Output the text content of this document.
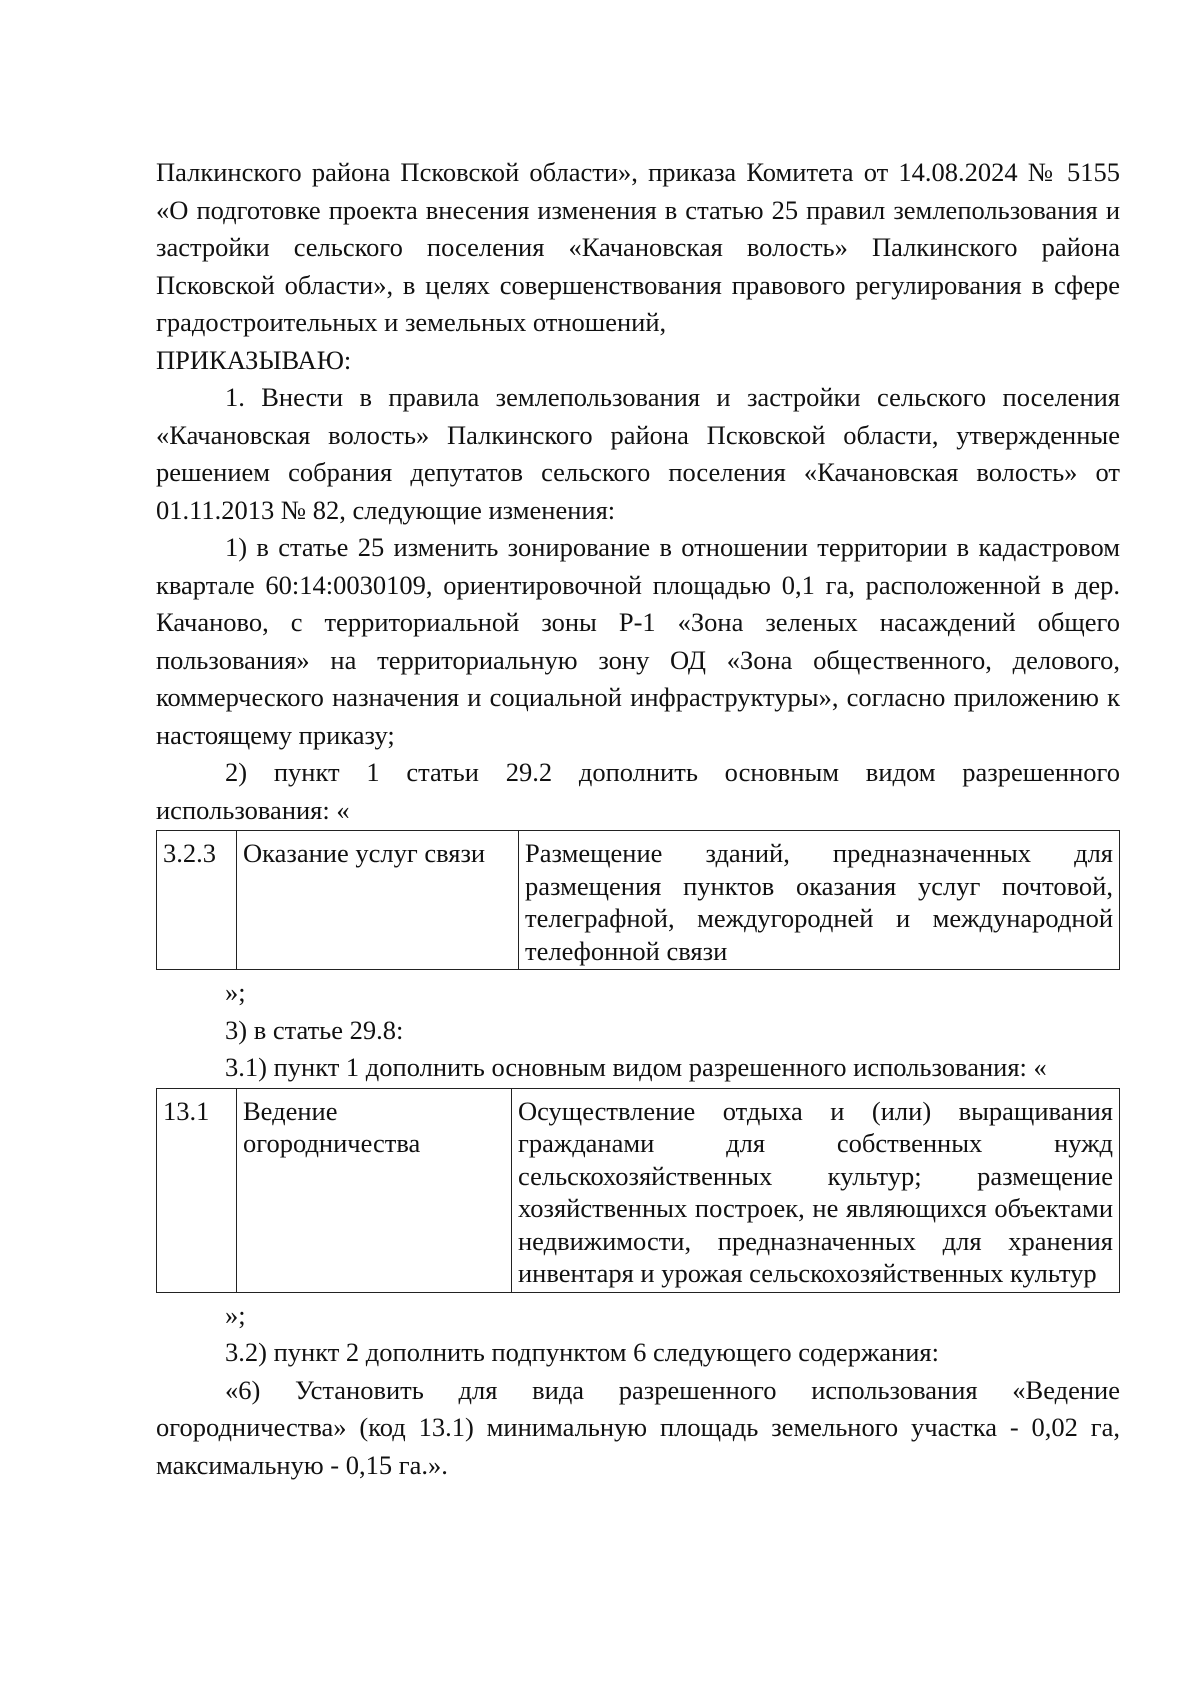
Палкинского района Псковской области», приказа Комитета от 14.08.2024 № 5155 «О подготовке проекта внесения изменения в статью 25 правил землепользования и застройки сельского поселения «Качановская волость» Палкинского района Псковской области», в целях совершенствования правового регулирования в сфере градостроительных и земельных отношений,

ПРИКАЗЫВАЮ:

1. Внести в правила землепользования и застройки сельского поселения «Качановская волость» Палкинского района Псковской области, утвержденные решением собрания депутатов сельского поселения «Качановская волость» от 01.11.2013 № 82, следующие изменения:

1) в статье 25 изменить зонирование в отношении территории в кадастровом квартале 60:14:0030109, ориентировочной площадью 0,1 га, расположенной в дер. Качаново, с территориальной зоны Р-1 «Зона зеленых насаждений общего пользования» на территориальную зону ОД «Зона общественного, делового, коммерческого назначения и социальной инфраструктуры», согласно приложению к настоящему приказу;

2) пункт 1 статьи 29.2 дополнить основным видом разрешенного использования: «

3.2.3	Оказание услуг связи	Размещение зданий, предназначенных для размещения пунктов оказания услуг почтовой, телеграфной, междугородней и международной телефонной связи

»;

3) в статье 29.8:

3.1) пункт 1 дополнить основным видом разрешенного использования: «

13.1	Ведение огородничества	Осуществление отдыха и (или) выращивания гражданами для собственных нужд сельскохозяйственных культур; размещение хозяйственных построек, не являющихся объектами недвижимости, предназначенных для хранения инвентаря и урожая сельскохозяйственных культур

»;

3.2) пункт 2 дополнить подпунктом 6 следующего содержания:

«6) Установить для вида разрешенного использования «Ведение огородничества» (код 13.1) минимальную площадь земельного участка - 0,02 га, максимальную - 0,15 га.».
